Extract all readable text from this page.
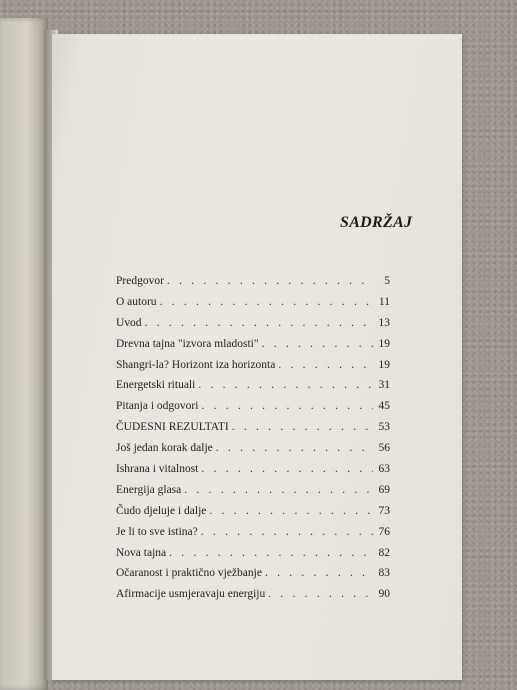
SADRŽAJ
Predgovor . . .	5
O autoru . . .	11
Uvod . . .	13
Drevna tajna "izvora mladosti" . . .	19
Shangri-la? Horizont iza horizonta . . .	19
Energetski rituali . . .	31
Pitanja i odgovori . . .	45
ČUDESNI REZULTATI . . .	53
Još jedan korak dalje . . .	56
Ishrana i vitalnost . . .	63
Energija glasa . . .	69
Čudo djeluje i dalje . . .	73
Je li to sve istina? . . .	76
Nova tajna . . .	82
Očaranost i praktično vježbanje . . .	83
Afirmacije usmjeravaju energiju . . .	90
